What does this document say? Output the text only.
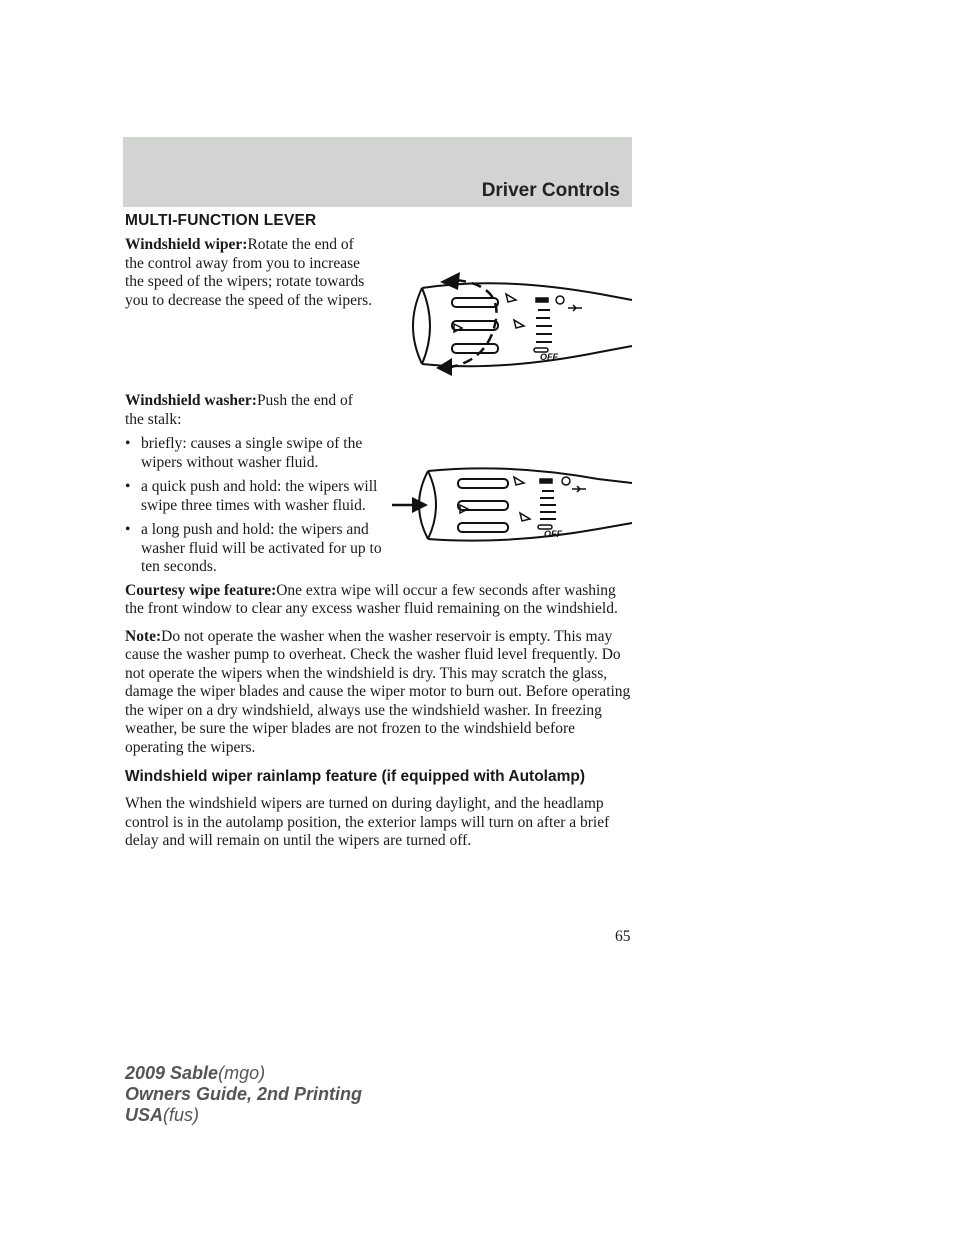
Driver Controls
MULTI-FUNCTION LEVER

Windshield wiper:Rotate the end of the control away from you to increase the speed of the wipers; rotate towards you to decrease the speed of the wipers.

Windshield washer:Push the end of the stalk:

• briefly: causes a single swipe of the wipers without washer fluid.
• a quick push and hold: the wipers will swipe three times with washer fluid.
• a long push and hold: the wipers and washer fluid will be activated for up to ten seconds.

Courtesy wipe feature:One extra wipe will occur a few seconds after washing the front window to clear any excess washer fluid remaining on the windshield.

Note:Do not operate the washer when the washer reservoir is empty. This may cause the washer pump to overheat. Check the washer fluid level frequently. Do not operate the wipers when the windshield is dry. This may scratch the glass, damage the wiper blades and cause the wiper motor to burn out. Before operating the wiper on a dry windshield, always use the windshield washer. In freezing weather, be sure the wiper blades are not frozen to the windshield before operating the wipers.

Windshield wiper rainlamp feature (if equipped with Autolamp)

When the windshield wipers are turned on during daylight, and the headlamp control is in the autolamp position, the exterior lamps will turn on after a brief delay and will remain on until the wipers are turned off.

OFF
OFF
65
2009 Sable(mgo)
Owners Guide, 2nd Printing
USA(fus)
